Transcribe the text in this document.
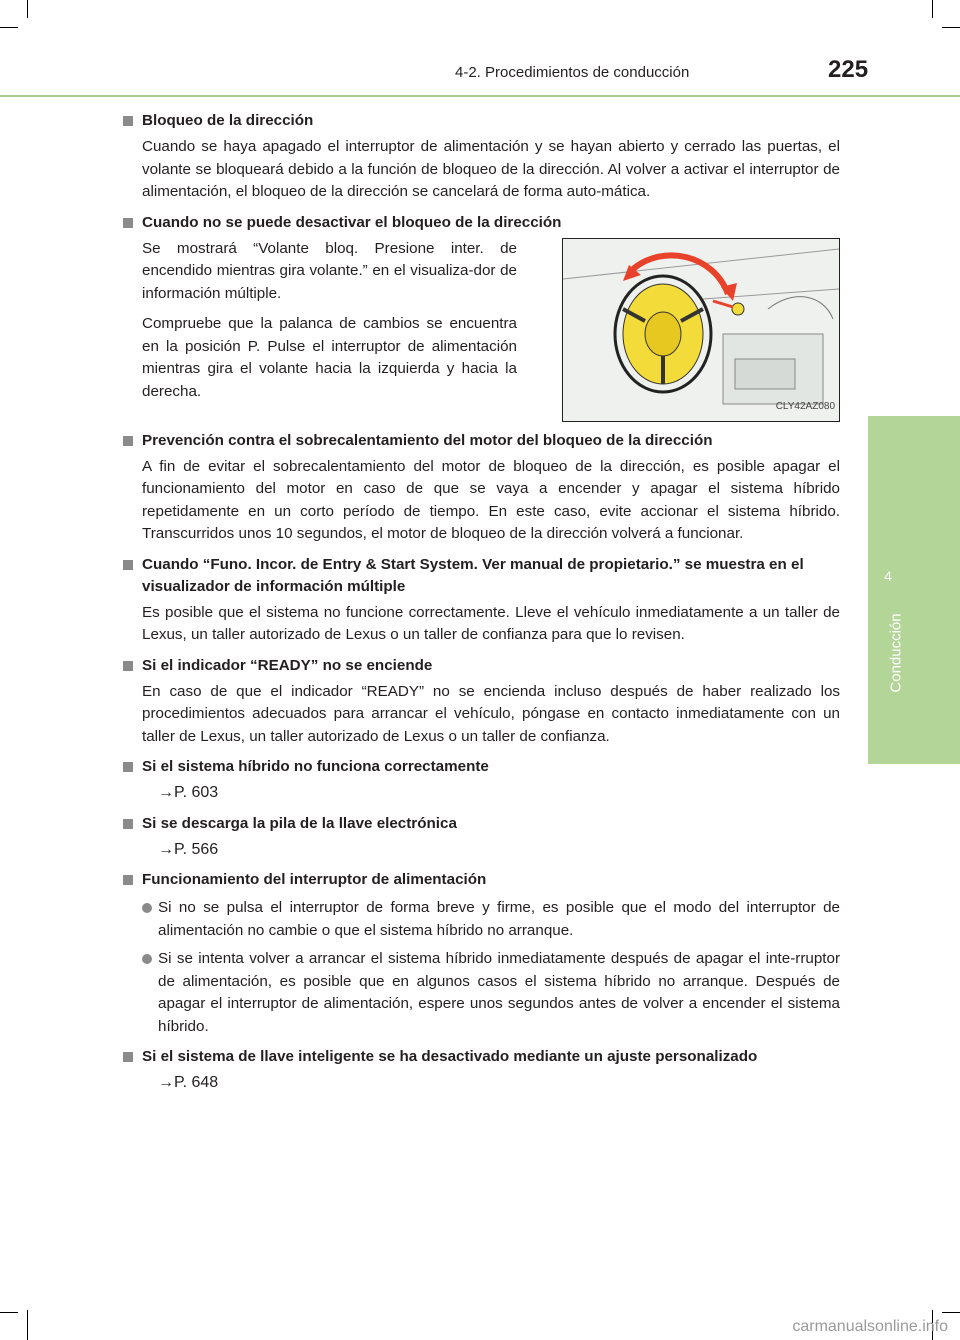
4-2. Procedimientos de conducción	225
4
Conducción
Bloqueo de la dirección

Cuando se haya apagado el interruptor de alimentación y se hayan abierto y cerrado las puertas, el volante se bloqueará debido a la función de bloqueo de la dirección. Al volver a activar el interruptor de alimentación, el bloqueo de la dirección se cancelará de forma auto-mática.

Cuando no se puede desactivar el bloqueo de la dirección

Se mostrará “Volante bloq. Presione inter. de encendido mientras gira volante.” en el visualiza-dor de información múltiple.

Compruebe que la palanca de cambios se encuentra en la posición P. Pulse el interruptor de alimentación mientras gira el volante hacia la izquierda y hacia la derecha.

CLY42AZ080
Prevención contra el sobrecalentamiento del motor del bloqueo de la dirección

A fin de evitar el sobrecalentamiento del motor de bloqueo de la dirección, es posible apagar el funcionamiento del motor en caso de que se vaya a encender y apagar el sistema híbrido repetidamente en un corto período de tiempo. En este caso, evite accionar el sistema híbrido. Transcurridos unos 10 segundos, el motor de bloqueo de la dirección volverá a funcionar.

Cuando “Funo. Incor. de Entry & Start System. Ver manual de propietario.” se muestra en el visualizador de información múltiple

Es posible que el sistema no funcione correctamente. Lleve el vehículo inmediatamente a un taller de Lexus, un taller autorizado de Lexus o un taller de confianza para que lo revisen.

Si el indicador “READY” no se enciende

En caso de que el indicador “READY” no se encienda incluso después de haber realizado los procedimientos adecuados para arrancar el vehículo, póngase en contacto inmediatamente con un taller de Lexus, un taller autorizado de Lexus o un taller de confianza.

Si el sistema híbrido no funciona correctamente
→P. 603
Si se descarga la pila de la llave electrónica
→P. 566
Funcionamiento del interruptor de alimentación
Si no se pulsa el interruptor de forma breve y firme, es posible que el modo del interruptor de alimentación no cambie o que el sistema híbrido no arranque.
Si se intenta volver a arrancar el sistema híbrido inmediatamente después de apagar el inte-rruptor de alimentación, es posible que en algunos casos el sistema híbrido no arranque. Después de apagar el interruptor de alimentación, espere unos segundos antes de volver a encender el sistema híbrido.
Si el sistema de llave inteligente se ha desactivado mediante un ajuste personalizado
→P. 648
carmanualsonline.info
